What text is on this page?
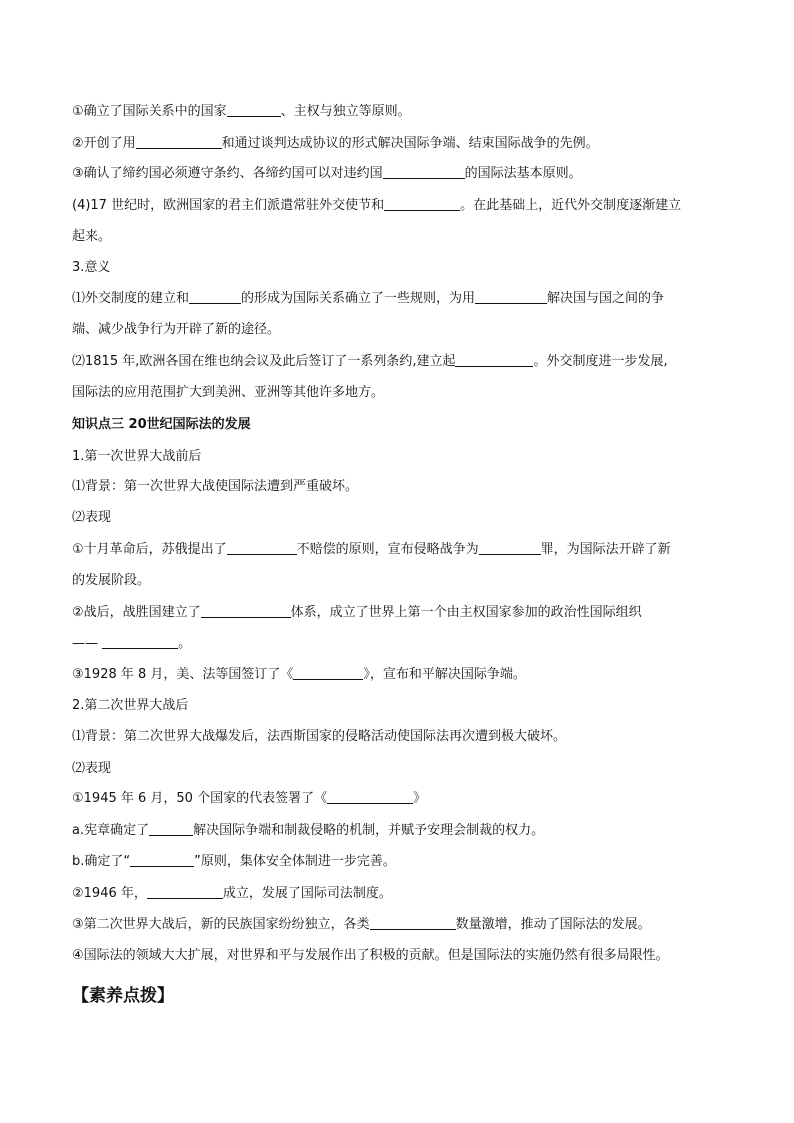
①确立了国际关系中的国家	、主权与独立等原则。
②开创了用	和通过谈判达成协议的形式解决国际争端、结束国际战争的先例。
③确认了缔约国必须遵守条约、各缔约国可以对违约国	的国际法基本原则。
(4)17 世纪时，欧洲国家的君主们派遣常驻外交使节和	。在此基础上，近代外交制度逐渐建立
起来。
3.意义
⑴外交制度的建立和	的形成为国际关系确立了一些规则，为用	解决国与国之间的争
端、减少战争行为开辟了新的途径。
⑵1815 年,欧洲各国在维也纳会议及此后签订了一系列条约,建立起	。外交制度进一步发展,
国际法的应用范围扩大到美洲、亚洲等其他许多地方。
知识点三 20世纪国际法的发展
1.第一次世界大战前后
⑴背景：第一次世界大战使国际法遭到严重破坏。
⑵表现
①十月革命后，苏俄提出了	不赔偿的原则，宣布侵略战争为	罪，为国际法开辟了新
的发展阶段。
②战后，战胜国建立了	体系，成立了世界上第一个由主权国家参加的政治性国际组织
——	。
③1928 年 8 月，美、法等国签订了《	》，宣布和平解决国际争端。
2.第二次世界大战后
⑴背景：第二次世界大战爆发后，法西斯国家的侵略活动使国际法再次遭到极大破坏。
⑵表现
①1945 年 6 月，50 个国家的代表签署了《	》
a.宪章确定了	解决国际争端和制裁侵略的机制，并赋予安理会制裁的权力。
b.确定了“	”原则，集体安全体制进一步完善。
②1946 年，	成立，发展了国际司法制度。
③第二次世界大战后，新的民族国家纷纷独立，各类	数量激增，推动了国际法的发展。
④国际法的领域大大扩展，对世界和平与发展作出了积极的贡献。但是国际法的实施仍然有很多局限性。
【素养点拨】
